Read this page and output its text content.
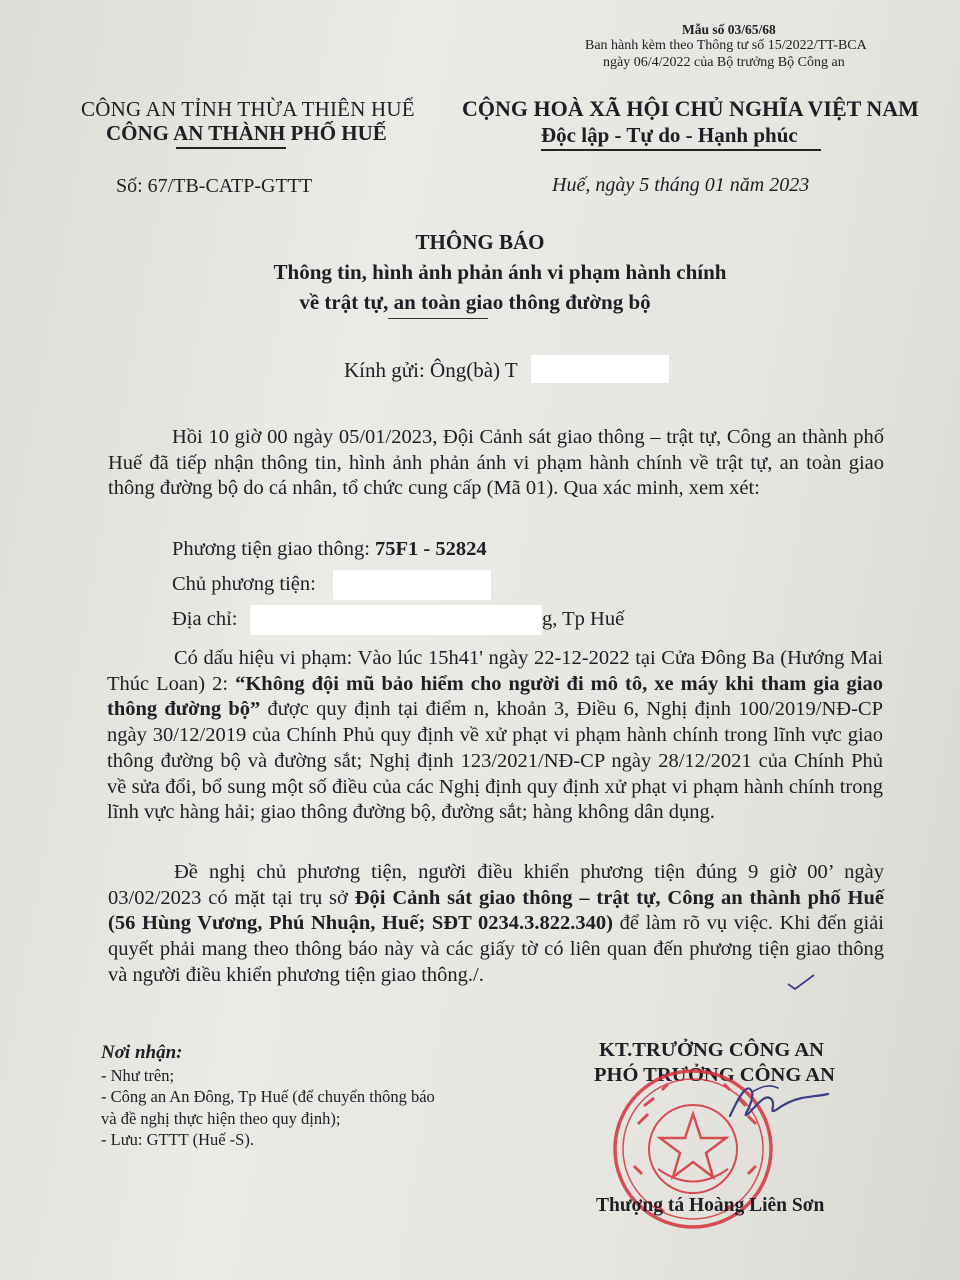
Mẫu số 03/65/68
Ban hành kèm theo Thông tư số 15/2022/TT-BCA
ngày 06/4/2022 của Bộ trưởng Bộ Công an
CÔNG AN TỈNH THỪA THIÊN HUẾ
CÔNG AN THÀNH PHỐ HUẾ
CỘNG HOÀ XÃ HỘI CHỦ NGHĨA VIỆT NAM
Độc lập - Tự do - Hạnh phúc
Số: 67/TB-CATP-GTTT	Huế, ngày 5 tháng 01 năm 2023
THÔNG BÁO
Thông tin, hình ảnh phản ánh vi phạm hành chính
về trật tự, an toàn giao thông đường bộ
Kính gửi: Ông(bà) T
Hồi 10 giờ 00 ngày 05/01/2023, Đội Cảnh sát giao thông – trật tự, Công an thành phố Huế đã tiếp nhận thông tin, hình ảnh phản ánh vi phạm hành chính về trật tự, an toàn giao thông đường bộ do cá nhân, tổ chức cung cấp (Mã 01). Qua xác minh, xem xét:
Phương tiện giao thông: 75F1 - 52824
Chủ phương tiện:
Địa chỉ:	g, Tp Huế
Có dấu hiệu vi phạm: Vào lúc 15h41' ngày 22-12-2022 tại Cửa Đông Ba (Hướng Mai Thúc Loan) 2: “Không đội mũ bảo hiểm cho người đi mô tô, xe máy khi tham gia giao thông đường bộ” được quy định tại điểm n, khoản 3, Điều 6, Nghị định 100/2019/NĐ-CP ngày 30/12/2019 của Chính Phủ quy định về xử phạt vi phạm hành chính trong lĩnh vực giao thông đường bộ và đường sắt; Nghị định 123/2021/NĐ-CP ngày 28/12/2021 của Chính Phủ về sửa đổi, bổ sung một số điều của các Nghị định quy định xử phạt vi phạm hành chính trong lĩnh vực hàng hải; giao thông đường bộ, đường sắt; hàng không dân dụng.
Đề nghị chủ phương tiện, người điều khiển phương tiện đúng 9 giờ 00’ ngày 03/02/2023 có mặt tại trụ sở Đội Cảnh sát giao thông – trật tự, Công an thành phố Huế (56 Hùng Vương, Phú Nhuận, Huế; SĐT 0234.3.822.340) để làm rõ vụ việc. Khi đến giải quyết phải mang theo thông báo này và các giấy tờ có liên quan đến phương tiện giao thông và người điều khiển phương tiện giao thông./.
Nơi nhận:
- Như trên;
- Công an An Đông, Tp Huế (để chuyển thông báo
và đề nghị thực hiện theo quy định);
- Lưu: GTTT (Huế -S).
KT.TRƯỞNG CÔNG AN
PHÓ TRƯỞNG CÔNG AN
Thượng tá Hoàng Liên Sơn
